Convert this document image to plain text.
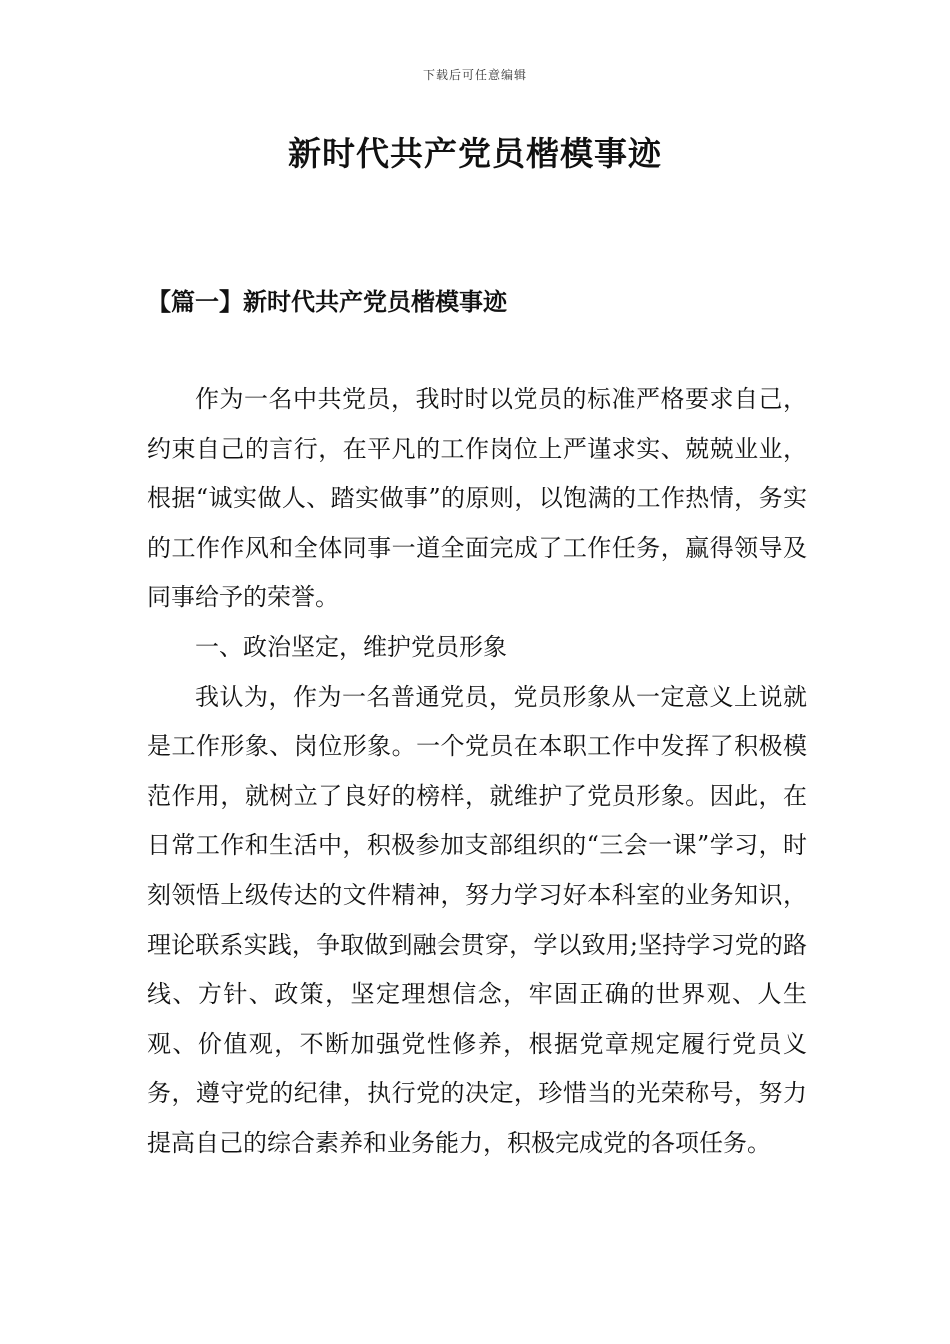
下载后可任意编辑
新时代共产党员楷模事迹
【篇一】新时代共产党员楷模事迹

作为一名中共党员，我时时以党员的标准严格要求自己，约束自己的言行，在平凡的工作岗位上严谨求实、兢兢业业，根据“诚实做人、踏实做事”的原则，以饱满的工作热情，务实的工作作风和全体同事一道全面完成了工作任务，赢得领导及同事给予的荣誉。

一、政治坚定，维护党员形象

我认为，作为一名普通党员，党员形象从一定意义上说就是工作形象、岗位形象。一个党员在本职工作中发挥了积极模范作用，就树立了良好的榜样，就维护了党员形象。因此，在日常工作和生活中，积极参加支部组织的“三会一课”学习，时刻领悟上级传达的文件精神，努力学习好本科室的业务知识，理论联系实践，争取做到融会贯穿，学以致用;坚持学习党的路线、方针、政策，坚定理想信念，牢固正确的世界观、人生观、价值观，不断加强党性修养，根据党章规定履行党员义务，遵守党的纪律，执行党的决定，珍惜当的光荣称号，努力提高自己的综合素养和业务能力，积极完成党的各项任务。
